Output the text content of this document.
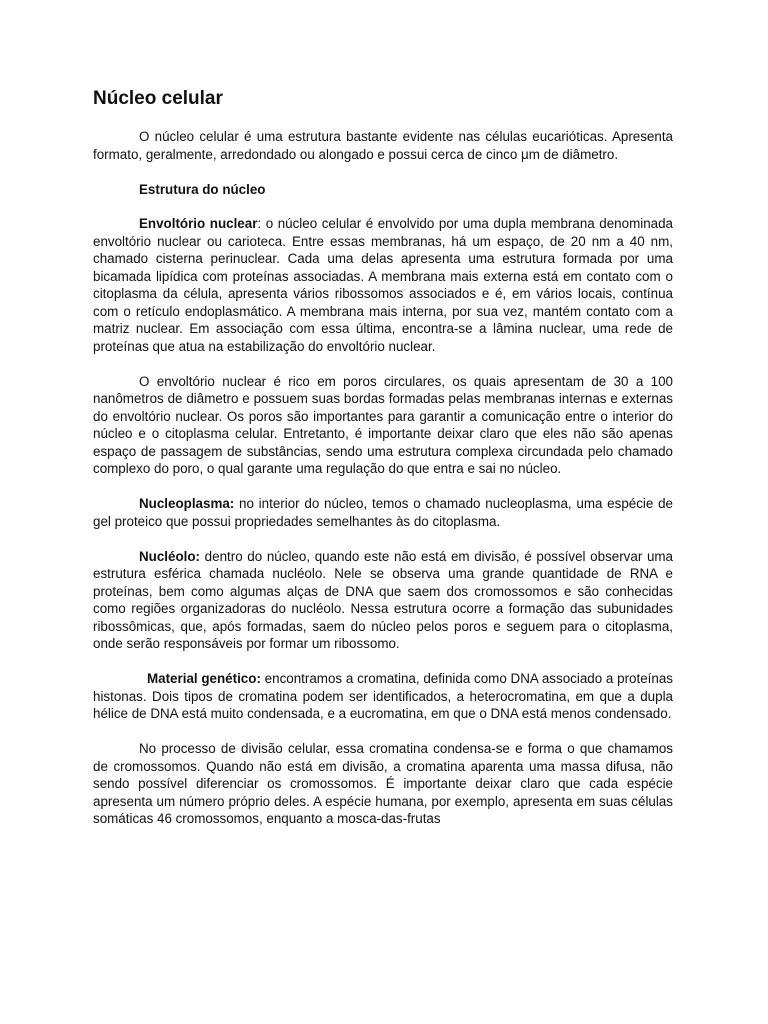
Núcleo celular

O núcleo celular é uma estrutura bastante evidente nas células eucarióticas. Apresenta formato, geralmente, arredondado ou alongado e possui cerca de cinco μm de diâmetro.

Estrutura do núcleo

Envoltório nuclear: o núcleo celular é envolvido por uma dupla membrana denominada envoltório nuclear ou carioteca. Entre essas membranas, há um espaço, de 20 nm a 40 nm, chamado cisterna perinuclear. Cada uma delas apresenta uma estrutura formada por uma bicamada lipídica com proteínas associadas. A membrana mais externa está em contato com o citoplasma da célula, apresenta vários ribossomos associados e é, em vários locais, contínua com o retículo endoplasmático. A membrana mais interna, por sua vez, mantém contato com a matriz nuclear. Em associação com essa última, encontra-se a lâmina nuclear, uma rede de proteínas que atua na estabilização do envoltório nuclear.

O envoltório nuclear é rico em poros circulares, os quais apresentam de 30 a 100 nanômetros de diâmetro e possuem suas bordas formadas pelas membranas internas e externas do envoltório nuclear. Os poros são importantes para garantir a comunicação entre o interior do núcleo e o citoplasma celular. Entretanto, é importante deixar claro que eles não são apenas espaço de passagem de substâncias, sendo uma estrutura complexa circundada pelo chamado complexo do poro, o qual garante uma regulação do que entra e sai no núcleo.

Nucleoplasma: no interior do núcleo, temos o chamado nucleoplasma, uma espécie de gel proteico que possui propriedades semelhantes às do citoplasma.

Nucléolo: dentro do núcleo, quando este não está em divisão, é possível observar uma estrutura esférica chamada nucléolo. Nele se observa uma grande quantidade de RNA e proteínas, bem como algumas alças de DNA que saem dos cromossomos e são conhecidas como regiões organizadoras do nucléolo. Nessa estrutura ocorre a formação das subunidades ribossômicas, que, após formadas, saem do núcleo pelos poros e seguem para o citoplasma, onde serão responsáveis por formar um ribossomo.

Material genético: encontramos a cromatina, definida como DNA associado a proteínas histonas. Dois tipos de cromatina podem ser identificados, a heterocromatina, em que a dupla hélice de DNA está muito condensada, e a eucromatina, em que o DNA está menos condensado.

No processo de divisão celular, essa cromatina condensa-se e forma o que chamamos de cromossomos. Quando não está em divisão, a cromatina aparenta uma massa difusa, não sendo possível diferenciar os cromossomos. É importante deixar claro que cada espécie apresenta um número próprio deles. A espécie humana, por exemplo, apresenta em suas células somáticas 46 cromossomos, enquanto a mosca-das-frutas
